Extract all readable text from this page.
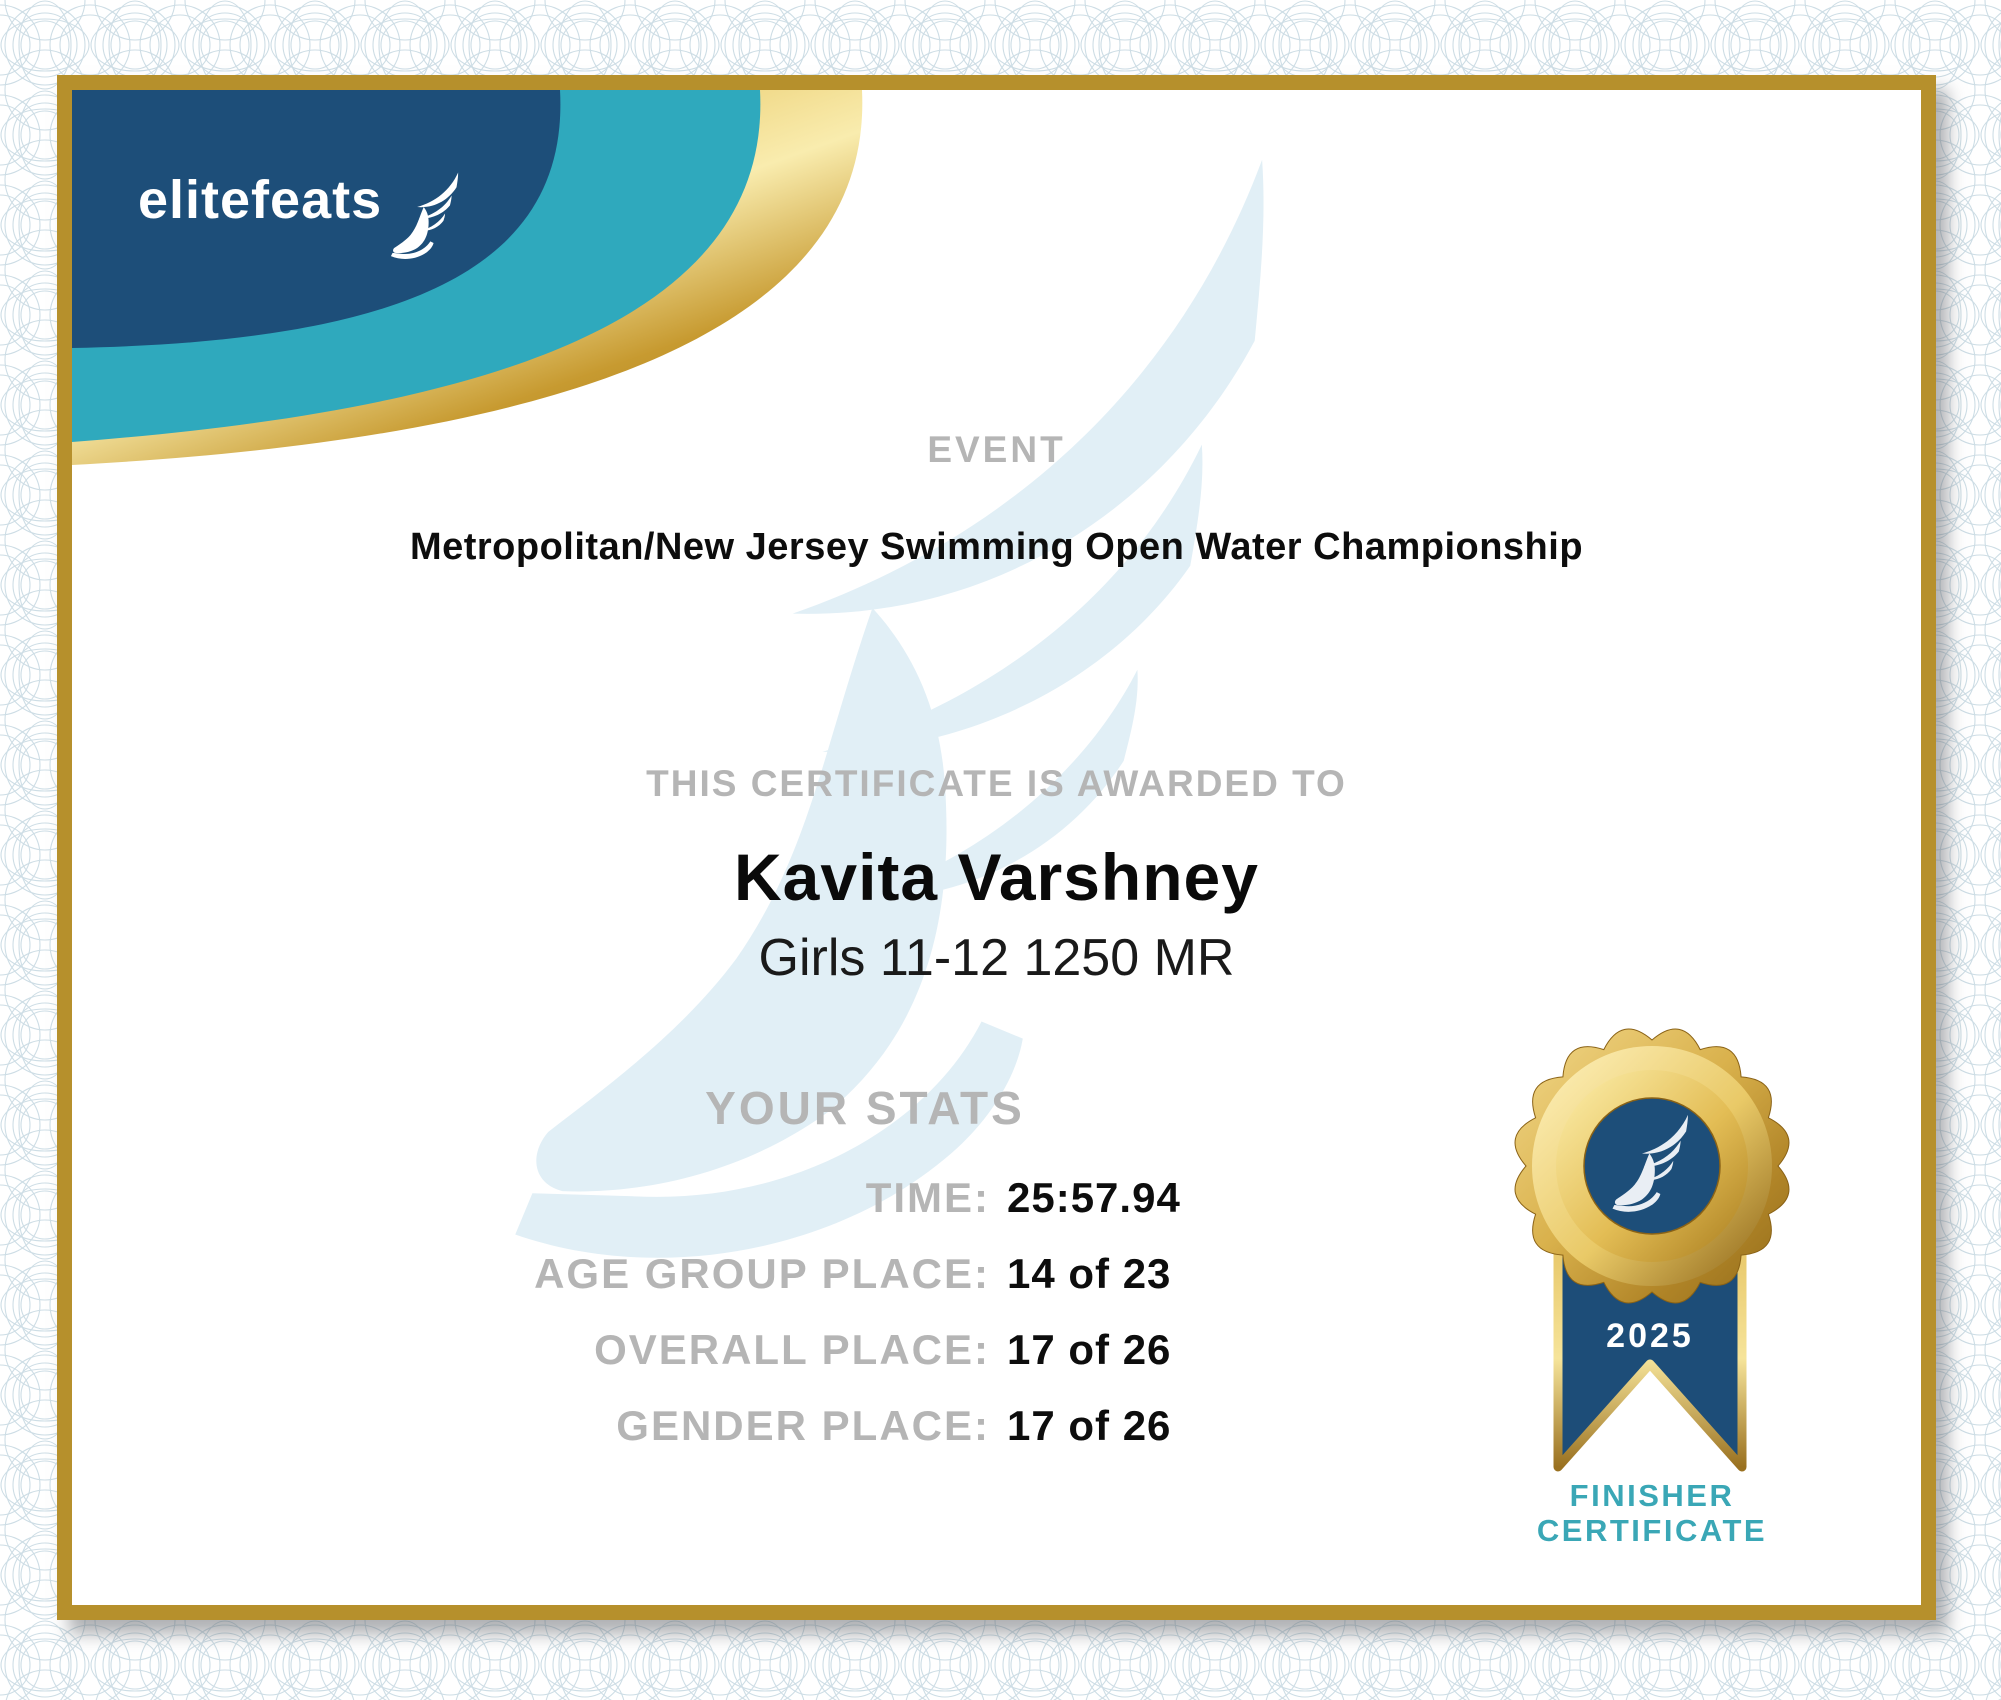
elitefeats
EVENT
Metropolitan/New Jersey Swimming Open Water Championship
THIS CERTIFICATE IS AWARDED TO
Kavita Varshney
Girls 11-12 1250 MR
YOUR STATS
TIME: 25:57.94
AGE GROUP PLACE: 14 of 23
OVERALL PLACE: 17 of 26
GENDER PLACE: 17 of 26
2025
FINISHER
CERTIFICATE
